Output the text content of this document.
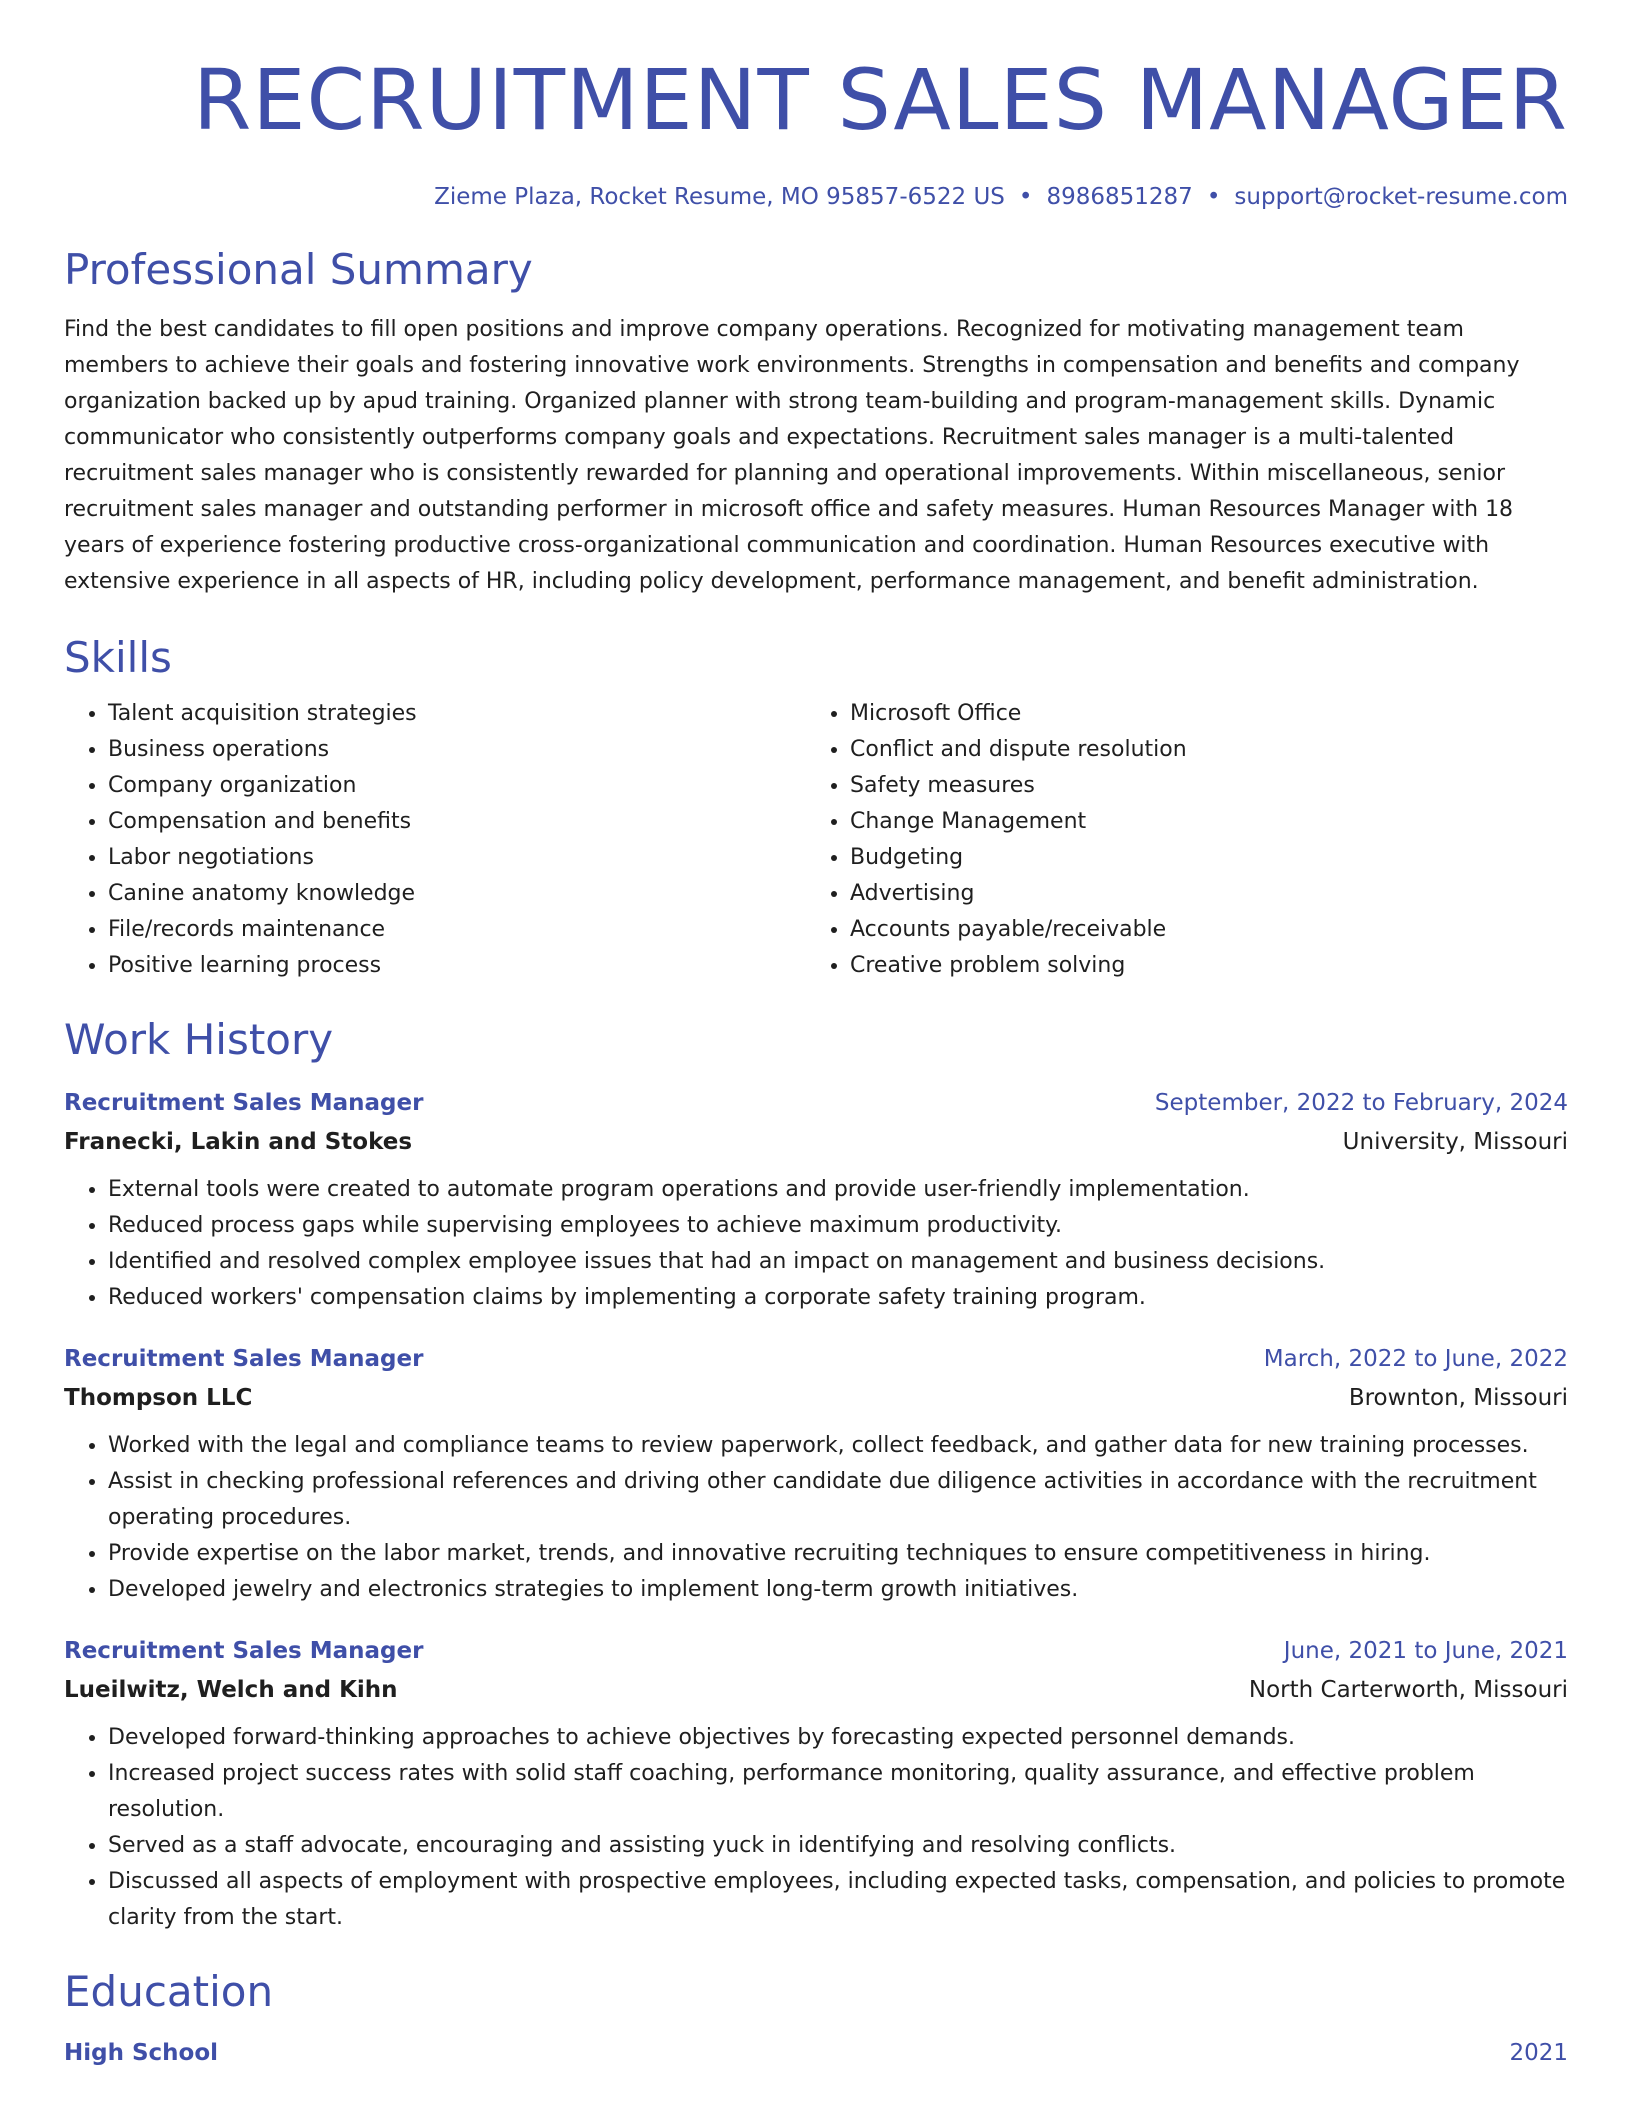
RECRUITMENT SALES MANAGER
Zieme Plaza, Rocket Resume, MO 95857-6522 US • 8986851287 • support@rocket-resume.com
Professional Summary

Find the best candidates to fill open positions and improve company operations. Recognized for motivating management team members to achieve their goals and fostering innovative work environments. Strengths in compensation and benefits and company organization backed up by apud training. Organized planner with strong team-building and program-management skills. Dynamic communicator who consistently outperforms company goals and expectations. Recruitment sales manager is a multi-talented recruitment sales manager who is consistently rewarded for planning and operational improvements. Within miscellaneous, senior recruitment sales manager and outstanding performer in microsoft office and safety measures. Human Resources Manager with 18 years of experience fostering productive cross-organizational communication and coordination. Human Resources executive with extensive experience in all aspects of HR, including policy development, performance management, and benefit administration.

Skills
• Talent acquisition strategies
• Business operations
• Company organization
• Compensation and benefits
• Labor negotiations
• Canine anatomy knowledge
• File/records maintenance
• Positive learning process
• Microsoft Office
• Conflict and dispute resolution
• Safety measures
• Change Management
• Budgeting
• Advertising
• Accounts payable/receivable
• Creative problem solving
Work History
Recruitment Sales Manager	September, 2022 to February, 2024
Franecki, Lakin and Stokes	University, Missouri
• External tools were created to automate program operations and provide user-friendly implementation.
• Reduced process gaps while supervising employees to achieve maximum productivity.
• Identified and resolved complex employee issues that had an impact on management and business decisions.
• Reduced workers' compensation claims by implementing a corporate safety training program.
Recruitment Sales Manager	March, 2022 to June, 2022
Thompson LLC	Brownton, Missouri
• Worked with the legal and compliance teams to review paperwork, collect feedback, and gather data for new training processes.
• Assist in checking professional references and driving other candidate due diligence activities in accordance with the recruitment operating procedures.
• Provide expertise on the labor market, trends, and innovative recruiting techniques to ensure competitiveness in hiring.
• Developed jewelry and electronics strategies to implement long-term growth initiatives.
Recruitment Sales Manager	June, 2021 to June, 2021
Lueilwitz, Welch and Kihn	North Carterworth, Missouri
• Developed forward-thinking approaches to achieve objectives by forecasting expected personnel demands.
• Increased project success rates with solid staff coaching, performance monitoring, quality assurance, and effective problem resolution.
• Served as a staff advocate, encouraging and assisting yuck in identifying and resolving conflicts.
• Discussed all aspects of employment with prospective employees, including expected tasks, compensation, and policies to promote clarity from the start.
Education
High School	2021
